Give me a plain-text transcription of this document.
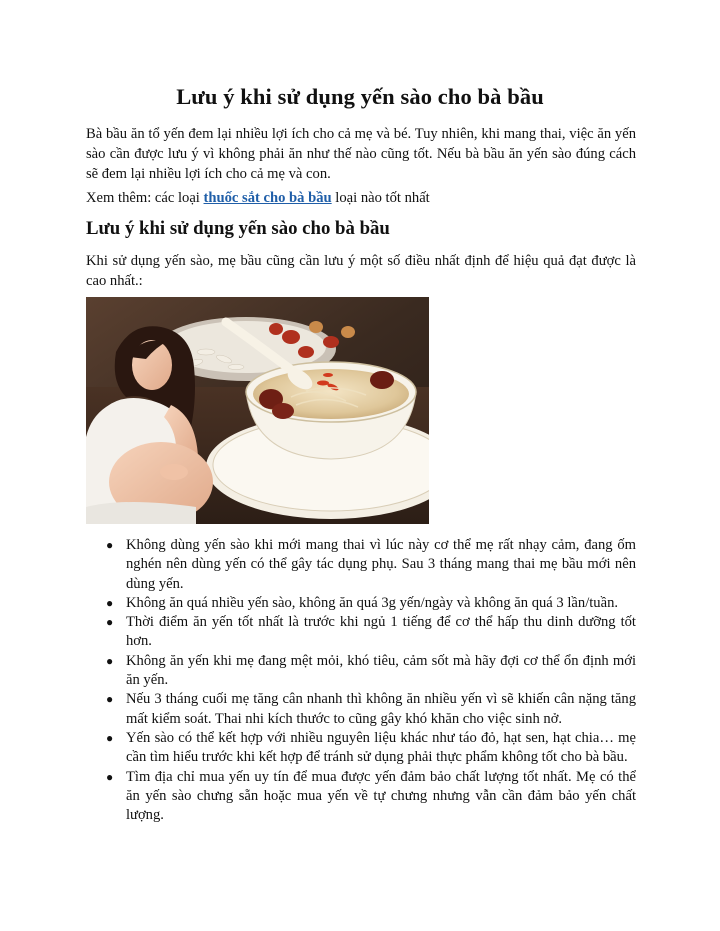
Lưu ý khi sử dụng yến sào cho bà bầu

Bà bầu ăn tổ yến đem lại nhiều lợi ích cho cả mẹ và bé. Tuy nhiên, khi mang thai, việc ăn yến sào cần được lưu ý vì không phải ăn như thế nào cũng tốt. Nếu bà bầu ăn yến sào đúng cách sẽ đem lại nhiều lợi ích cho cả mẹ và con.

Lưu ý khi sử dụng yến sào cho bà bầu

Xem thêm: các loại thuốc sắt cho bà bầu loại nào tốt nhất

Khi sử dụng yến sào, mẹ bầu cũng cần lưu ý một số điều nhất định để hiệu quả đạt được là cao nhất.:

● Không dùng yến sào khi mới mang thai vì lúc này cơ thể mẹ rất nhạy cảm, đang ốm nghén nên dùng yến có thể gây tác dụng phụ. Sau 3 tháng mang thai mẹ bầu mới nên dùng yến.
● Không ăn quá nhiều yến sào, không ăn quá 3g yến/ngày và không ăn quá 3 lần/tuần.
● Thời điểm ăn yến tốt nhất là trước khi ngủ 1 tiếng để cơ thể hấp thu dinh dưỡng tốt hơn.
● Không ăn yến khi mẹ đang mệt mỏi, khó tiêu, cảm sốt mà hãy đợi cơ thể ổn định mới ăn yến.
● Nếu 3 tháng cuối mẹ tăng cân nhanh thì không ăn nhiều yến vì sẽ khiến cân nặng tăng mất kiểm soát. Thai nhi kích thước to cũng gây khó khăn cho việc sinh nở.
● Yến sào có thể kết hợp với nhiều nguyên liệu khác như táo đỏ, hạt sen, hạt chia… mẹ cần tìm hiểu trước khi kết hợp để tránh sử dụng phải thực phẩm không tốt cho bà bầu.
● Tìm địa chỉ mua yến uy tín để mua được yến đảm bảo chất lượng tốt nhất. Mẹ có thể ăn yến sào chưng sẵn hoặc mua yến về tự chưng nhưng vẫn cần đảm bảo yến chất lượng.
